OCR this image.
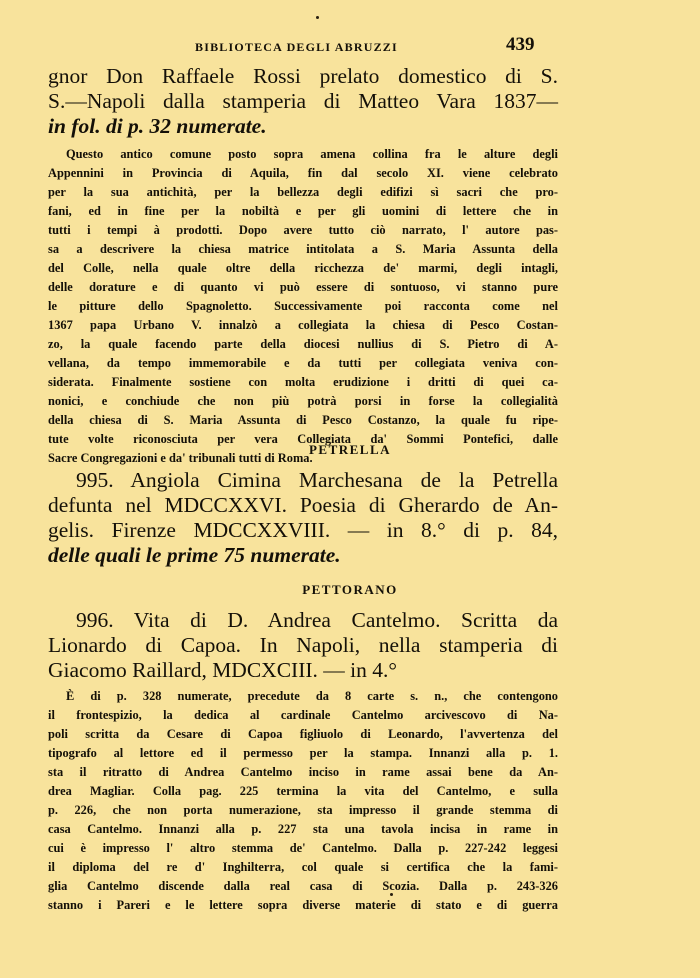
BIBLIOTECA DEGLI ABRUZZI	439
gnor Don Raffaele Rossi prelato domestico di S.
S.—Napoli dalla stamperia di Matteo Vara 1837—
in fol. di p. 32 numerate.
Questo antico comune posto sopra amena collina fra le alture degli
Appennini in Provincia di Aquila, fin dal secolo XI. viene celebrato
per la sua antichità, per la bellezza degli edifizi sì sacri che pro-
fani, ed in fine per la nobiltà e per gli uomini di lettere che in
tutti i tempi à prodotti. Dopo avere tutto ciò narrato, l' autore pas-
sa a descrivere la chiesa matrice intitolata a S. Maria Assunta della
del Colle, nella quale oltre della ricchezza de' marmi, degli intagli,
delle dorature e di quanto vi può essere di sontuoso, vi stanno pure
le pitture dello Spagnoletto. Successivamente poi racconta come nel
1367 papa Urbano V. innalzò a collegiata la chiesa di Pesco Costan-
zo, la quale facendo parte della diocesi nullius di S. Pietro di A-
vellana, da tempo immemorabile e da tutti per collegiata veniva con-
siderata. Finalmente sostiene con molta erudizione i dritti di quei ca-
nonici, e conchiude che non più potrà porsi in forse la collegialità
della chiesa di S. Maria Assunta di Pesco Costanzo, la quale fu ripe-
tute volte riconosciuta per vera Collegiata da' Sommi Pontefici, dalle
Sacre Congregazioni e da' tribunali tutti di Roma.
PETRELLA
995. Angiola Cimina Marchesana de la Petrella
defunta nel MDCCXXVI. Poesia di Gherardo de An-
gelis. Firenze MDCCXXVIII. — in 8.° di p. 84,
delle quali le prime 75 numerate.
PETTORANO
996. Vita di D. Andrea Cantelmo. Scritta da
Lionardo di Capoa. In Napoli, nella stamperia di
Giacomo Raillard, MDCXCIII. — in 4.°
È di p. 328 numerate, precedute da 8 carte s. n., che contengono
il frontespizio, la dedica al cardinale Cantelmo arcivescovo di Na-
poli scritta da Cesare di Capoa figliuolo di Leonardo, l'avvertenza del
tipografo al lettore ed il permesso per la stampa. Innanzi alla p. 1.
sta il ritratto di Andrea Cantelmo inciso in rame assai bene da An-
drea Magliar. Colla pag. 225 termina la vita del Cantelmo, e sulla
p. 226, che non porta numerazione, sta impresso il grande stemma di
casa Cantelmo. Innanzi alla p. 227 sta una tavola incisa in rame in
cui è impresso l' altro stemma de' Cantelmo. Dalla p. 227-242 leggesi
il diploma del re d' Inghilterra, col quale si certifica che la fami-
glia Cantelmo discende dalla real casa di Scozia. Dalla p. 243-326
stanno i Pareri e le lettere sopra diverse materie di stato e di guerra
